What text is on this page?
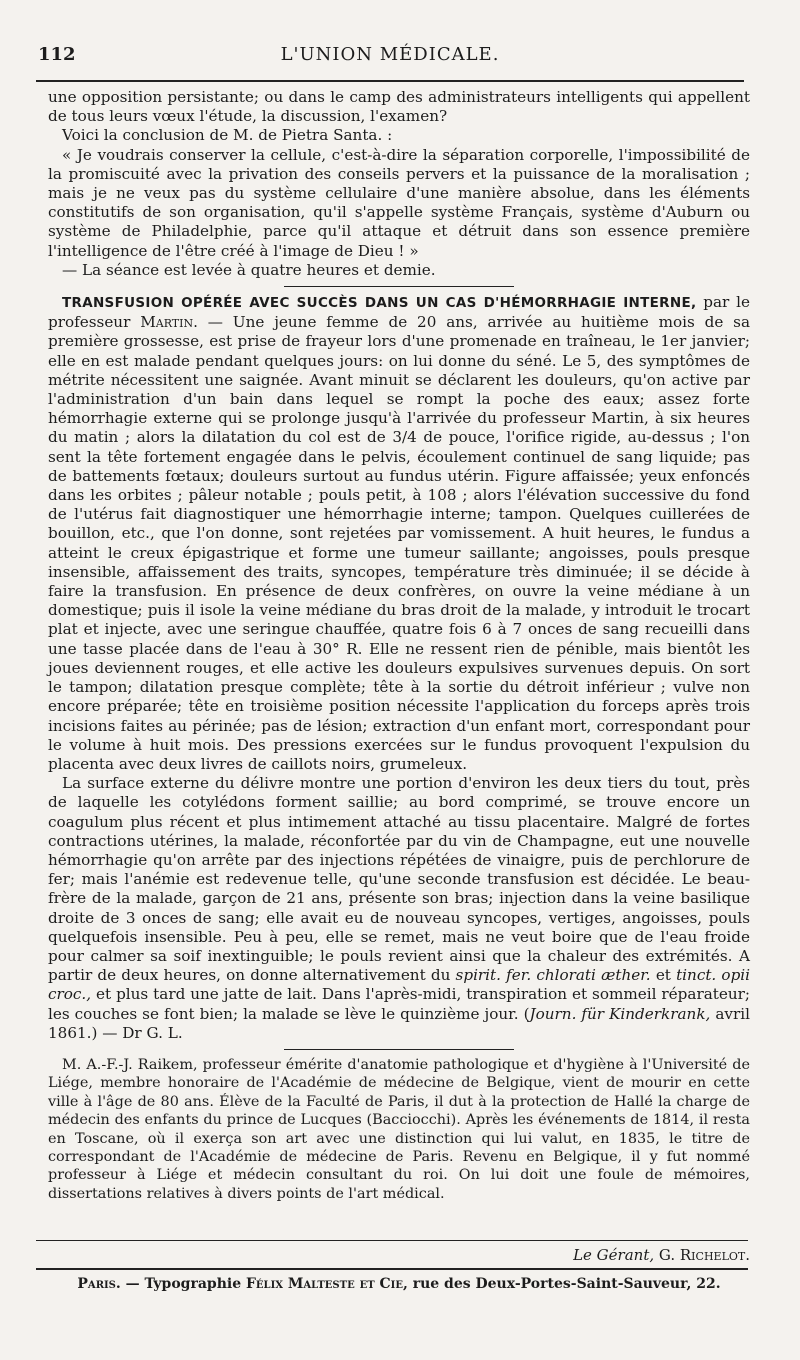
112	L'UNION MÉDICALE.

une opposition persistante; ou dans le camp des administrateurs intelligents qui appellent de tous leurs vœux l'étude, la discussion, l'examen?

Voici la conclusion de M. de Pietra Santa. :

« Je voudrais conserver la cellule, c'est-à-dire la séparation corporelle, l'impossibilité de la promiscuité avec la privation des conseils pervers et la puissance de la moralisation ; mais je ne veux pas du système cellulaire d'une manière absolue, dans les éléments constitutifs de son organisation, qu'il s'appelle système Français, système d'Auburn ou système de Philadelphie, parce qu'il attaque et détruit dans son essence première l'intelligence de l'être créé à l'image de Dieu ! »

— La séance est levée à quatre heures et demie.

TRANSFUSION OPÉRÉE AVEC SUCCÈS DANS UN CAS D'HÉMORRHAGIE INTERNE, par le professeur Martin. — Une jeune femme de 20 ans, arrivée au huitième mois de sa première grossesse, est prise de frayeur lors d'une promenade en traîneau, le 1er janvier; elle en est malade pendant quelques jours: on lui donne du séné. Le 5, des symptômes de métrite nécessitent une saignée. Avant minuit se déclarent les douleurs, qu'on active par l'administration d'un bain dans lequel se rompt la poche des eaux; assez forte hémorrhagie externe qui se prolonge jusqu'à l'arrivée du professeur Martin, à six heures du matin ; alors la dilatation du col est de 3/4 de pouce, l'orifice rigide, au-dessus ; l'on sent la tête fortement engagée dans le pelvis, écoulement continuel de sang liquide; pas de battements fœtaux; douleurs surtout au fundus utérin. Figure affaissée; yeux enfoncés dans les orbites ; pâleur notable ; pouls petit, à 108 ; alors l'élévation successive du fond de l'utérus fait diagnostiquer une hémorrhagie interne; tampon. Quelques cuillerées de bouillon, etc., que l'on donne, sont rejetées par vomissement. A huit heures, le fundus a atteint le creux épigastrique et forme une tumeur saillante; angoisses, pouls presque insensible, affaissement des traits, syncopes, température très diminuée; il se décide à faire la transfusion. En présence de deux confrères, on ouvre la veine médiane à un domestique; puis il isole la veine médiane du bras droit de la malade, y introduit le trocart plat et injecte, avec une seringue chauffée, quatre fois 6 à 7 onces de sang recueilli dans une tasse placée dans de l'eau à 30° R. Elle ne ressent rien de pénible, mais bientôt les joues deviennent rouges, et elle active les douleurs expulsives survenues depuis. On sort le tampon; dilatation presque complète; tête à la sortie du détroit inférieur ; vulve non encore préparée; tête en troisième position nécessite l'application du forceps après trois incisions faites au périnée; pas de lésion; extraction d'un enfant mort, correspondant pour le volume à huit mois. Des pressions exercées sur le fundus provoquent l'expulsion du placenta avec deux livres de caillots noirs, grumeleux.

La surface externe du délivre montre une portion d'environ les deux tiers du tout, près de laquelle les cotylédons forment saillie; au bord comprimé, se trouve encore un coagulum plus récent et plus intimement attaché au tissu placentaire. Malgré de fortes contractions utérines, la malade, réconfortée par du vin de Champagne, eut une nouvelle hémorrhagie qu'on arrête par des injections répétées de vinaigre, puis de perchlorure de fer; mais l'anémie est redevenue telle, qu'une seconde transfusion est décidée. Le beau-frère de la malade, garçon de 21 ans, présente son bras; injection dans la veine basilique droite de 3 onces de sang; elle avait eu de nouveau syncopes, vertiges, angoisses, pouls quelquefois insensible. Peu à peu, elle se remet, mais ne veut boire que de l'eau froide pour calmer sa soif inextinguible; le pouls revient ainsi que la chaleur des extrémités. A partir de deux heures, on donne alternativement du spirit. fer. chlorati æther. et tinct. opii croc., et plus tard une jatte de lait. Dans l'après-midi, transpiration et sommeil réparateur; les couches se font bien; la malade se lève le quinzième jour. (Journ. für Kinderkrank, avril 1861.) — Dr G. L.

M. A.-F.-J. Raikem, professeur émérite d'anatomie pathologique et d'hygiène à l'Université de Liége, membre honoraire de l'Académie de médecine de Belgique, vient de mourir en cette ville à l'âge de 80 ans. Élève de la Faculté de Paris, il dut à la protection de Hallé la charge de médecin des enfants du prince de Lucques (Bacciocchi). Après les événements de 1814, il resta en Toscane, où il exerça son art avec une distinction qui lui valut, en 1835, le titre de correspondant de l'Académie de médecine de Paris. Revenu en Belgique, il y fut nommé professeur à Liége et médecin consultant du roi. On lui doit une foule de mémoires, dissertations relatives à divers points de l'art médical.

Le Gérant, G. Richelot.
Paris. — Typographie Félix Malteste et Cie, rue des Deux-Portes-Saint-Sauveur, 22.
